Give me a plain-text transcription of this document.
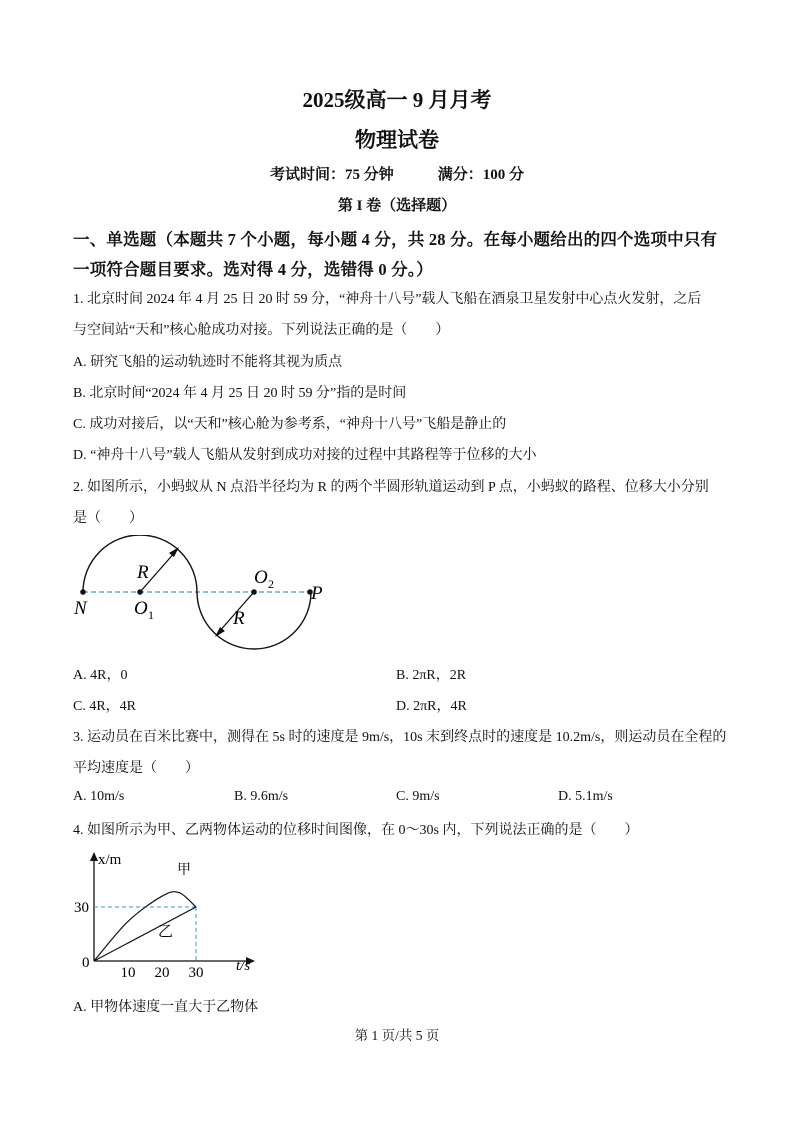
2025级高一 9 月月考
物理试卷
考试时间：75 分钟	满分：100 分
第 I 卷（选择题）
一、单选题（本题共 7 个小题，每小题 4 分，共 28 分。在每小题给出的四个选项中只有
一项符合题目要求。选对得 4 分，选错得 0 分。）
1. 北京时间 2024 年 4 月 25 日 20 时 59 分，“神舟十八号”载人飞船在酒泉卫星发射中心点火发射，之后
与空间站“天和”核心舱成功对接。下列说法正确的是（　　）
A. 研究飞船的运动轨迹时不能将其视为质点
B. 北京时间“2024 年 4 月 25 日 20 时 59 分”指的是时间
C. 成功对接后，以“天和”核心舱为参考系，“神舟十八号”飞船是静止的
D. “神舟十八号”载人飞船从发射到成功对接的过程中其路程等于位移的大小
2. 如图所示，小蚂蚁从 N 点沿半径均为 R 的两个半圆形轨道运动到 P 点，小蚂蚁的路程、位移大小分别
是（　　）
N O 1
R	O 2 P
R
A. 4R，0	B. 2πR，2R
C. 4R，4R	D. 2πR，4R
3. 运动员在百米比赛中，测得在 5s 时的速度是 9m/s，10s 末到终点时的速度是 10.2m/s，则运动员在全程的
平均速度是（　　）
A. 10m/s	B. 9.6m/s	C. 9m/s	D. 5.1m/s
4. 如图所示为甲、乙两物体运动的位移时间图像，在 0～30s 内，下列说法正确的是（　　）
x/m
t/s
0
30
10 20 30
甲
乙
A. 甲物体速度一直大于乙物体
第 1 页/共 5 页
